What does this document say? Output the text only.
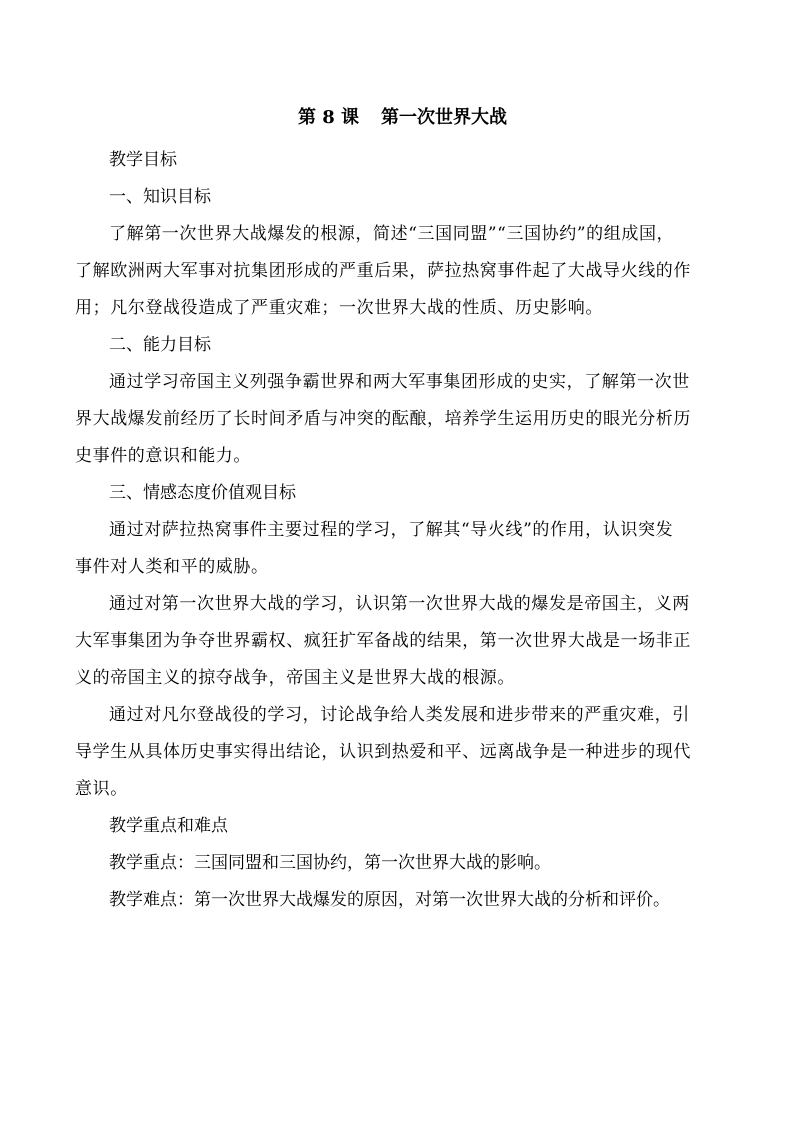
第 8 课 第一次世界大战

教学目标

一、知识目标

了解第一次世界大战爆发的根源，简述“三国同盟”“三国协约”的组成国，
了解欧洲两大军事对抗集团形成的严重后果，萨拉热窝事件起了大战导火线的作
用；凡尔登战役造成了严重灾难；一次世界大战的性质、历史影响。

二、能力目标

通过学习帝国主义列强争霸世界和两大军事集团形成的史实，了解第一次世
界大战爆发前经历了长时间矛盾与冲突的酝酿，培养学生运用历史的眼光分析历
史事件的意识和能力。

三、情感态度价值观目标

通过对萨拉热窝事件主要过程的学习，了解其“导火线”的作用，认识突发
事件对人类和平的威胁。

通过对第一次世界大战的学习，认识第一次世界大战的爆发是帝国主，义两
大军事集团为争夺世界霸权、疯狂扩军备战的结果，第一次世界大战是一场非正
义的帝国主义的掠夺战争，帝国主义是世界大战的根源。

通过对凡尔登战役的学习，讨论战争给人类发展和进步带来的严重灾难，引
导学生从具体历史事实得出结论，认识到热爱和平、远离战争是一种进步的现代
意识。

教学重点和难点

教学重点：三国同盟和三国协约，第一次世界大战的影响。

教学难点：第一次世界大战爆发的原因，对第一次世界大战的分析和评价。
